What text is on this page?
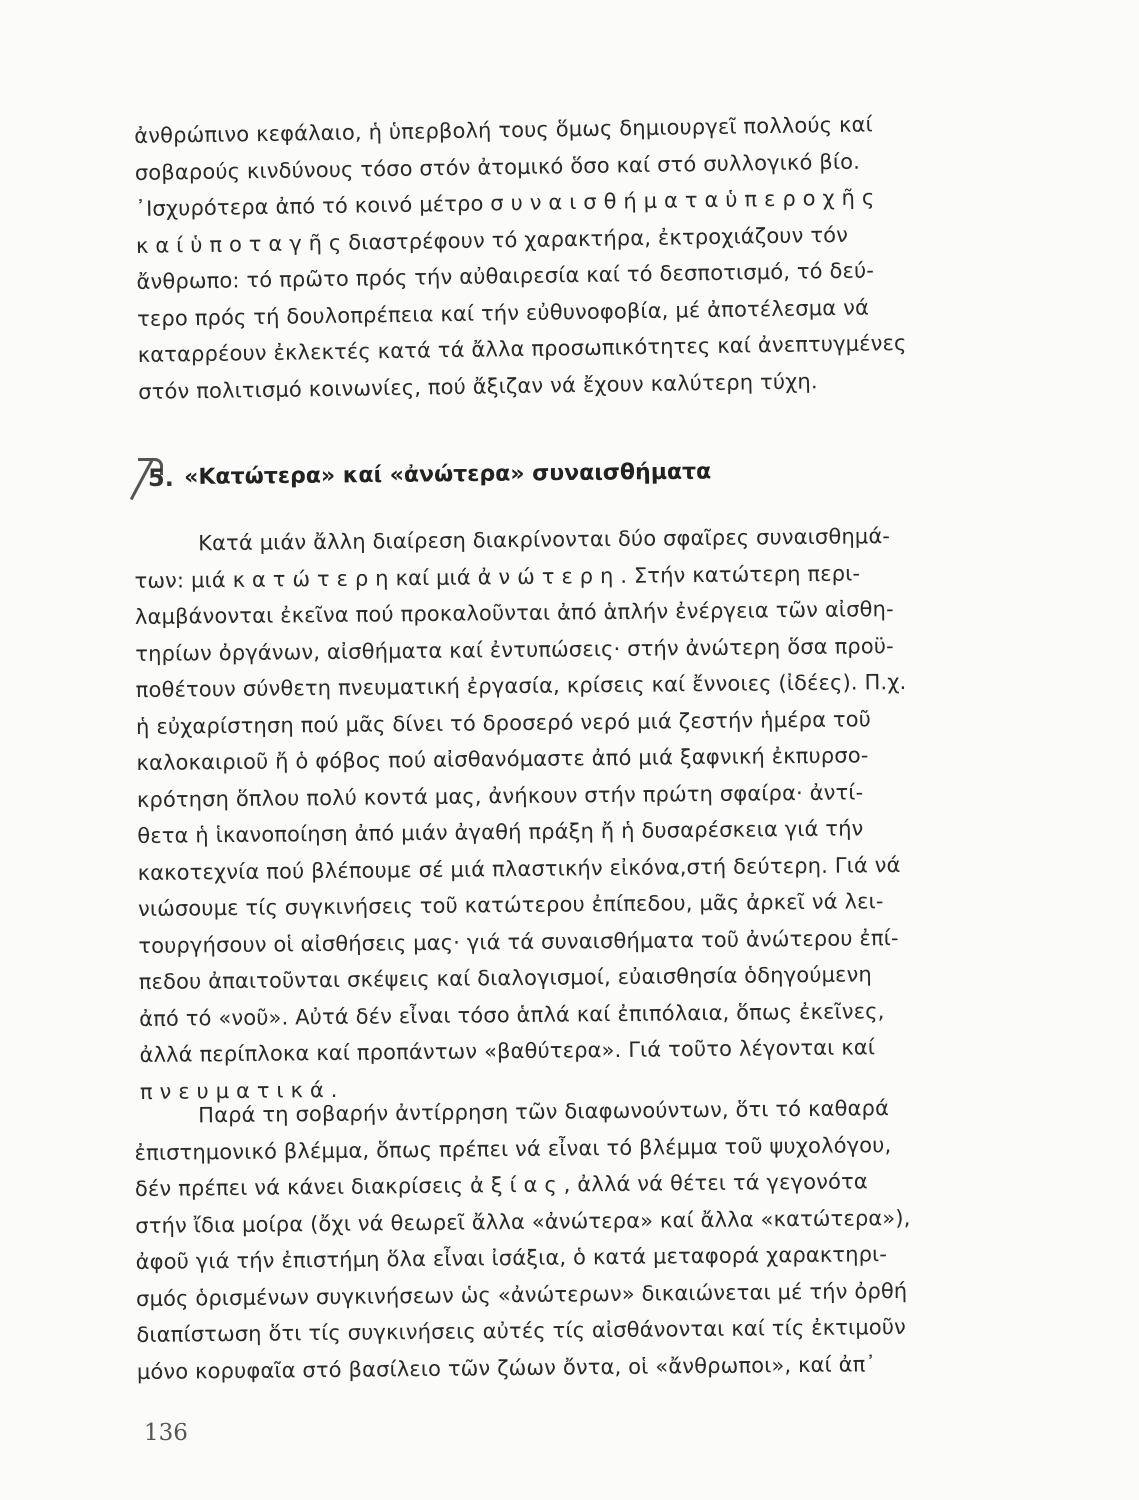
ἀνθρώπινο κεφάλαιο, ἡ ὑπερβολή τους ὅμως δημιουργεῖ πολλούς καί
σοβαρούς κινδύνους τόσο στόν ἀτομικό ὅσο καί στό συλλογικό βίο.
᾿Ισχυρότερα ἀπό τό κοινό μέτρο σ υ ν α ι σ θ ή μ α τ α ὑ π ε ρ ο χ ῆ ς
κ α ί ὑ π ο τ α γ ῆ ς διαστρέφουν τό χαρακτήρα, ἐκτροχιάζουν τόν
ἄνθρωπο: τό πρῶτο πρός τήν αὐθαιρεσία καί τό δεσποτισμό, τό δεύ-
τερο πρός τή δουλοπρέπεια καί τήν εὐθυνοφοβία, μέ ἀποτέλεσμα νά
καταρρέουν ἐκλεκτές κατά τά ἄλλα προσωπικότητες καί ἀνεπτυγμένες
στόν πολιτισμό κοινωνίες, πού ἄξιζαν νά ἔχουν καλύτερη τύχη.
5. «Κατώτερα» καί «ἀνώτερα» συναισθήματα
Κατά μιάν ἄλλη διαίρεση διακρίνονται δύο σφαῖρες συναισθημά-
των: μιά κ α τ ώ τ ε ρ η καί μιά ἀ ν ώ τ ε ρ η . Στήν κατώτερη περι-
λαμβάνονται ἐκεῖνα πού προκαλοῦνται ἀπό ἁπλήν ἐνέργεια τῶν αἰσθη-
τηρίων ὀργάνων, αἰσθήματα καί ἐντυπώσεις· στήν ἀνώτερη ὅσα προϋ-
ποθέτουν σύνθετη πνευματική ἐργασία, κρίσεις καί ἔννοιες (ἰδέες). Π.χ.
ἡ εὐχαρίστηση πού μᾶς δίνει τό δροσερό νερό μιά ζεστήν ἡμέρα τοῦ
καλοκαιριοῦ ἤ ὁ φόβος πού αἰσθανόμαστε ἀπό μιά ξαφνική ἐκπυρσο-
κρότηση ὅπλου πολύ κοντά μας, ἀνήκουν στήν πρώτη σφαίρα· ἀντί-
θετα ἡ ἱκανοποίηση ἀπό μιάν ἀγαθή πράξη ἤ ἡ δυσαρέσκεια γιά τήν
κακοτεχνία πού βλέπουμε σέ μιά πλαστικήν εἰκόνα,στή δεύτερη. Γιά νά
νιώσουμε τίς συγκινήσεις τοῦ κατώτερου ἐπίπεδου, μᾶς ἀρκεῖ νά λει-
τουργήσουν οἱ αἰσθήσεις μας· γιά τά συναισθήματα τοῦ ἀνώτερου ἐπί-
πεδου ἀπαιτοῦνται σκέψεις καί διαλογισμοί, εὐαισθησία ὁδηγούμενη
ἀπό τό «νοῦ». Αὐτά δέν εἶναι τόσο ἁπλά καί ἐπιπόλαια, ὅπως ἐκεῖνες,
ἀλλά περίπλοκα καί προπάντων «βαθύτερα». Γιά τοῦτο λέγονται καί
π ν ε υ μ α τ ι κ ά .
Παρά τη σοβαρήν ἀντίρρηση τῶν διαφωνούντων, ὅτι τό καθαρά
ἐπιστημονικό βλέμμα, ὅπως πρέπει νά εἶναι τό βλέμμα τοῦ ψυχολόγου,
δέν πρέπει νά κάνει διακρίσεις ἀ ξ ί α ς , ἀλλά νά θέτει τά γεγονότα
στήν ἴδια μοίρα (ὄχι νά θεωρεῖ ἄλλα «ἀνώτερα» καί ἄλλα «κατώτερα»),
ἀφοῦ γιά τήν ἐπιστήμη ὅλα εἶναι ἰσάξια, ὁ κατά μεταφορά χαρακτηρι-
σμός ὁρισμένων συγκινήσεων ὡς «ἀνώτερων» δικαιώνεται μέ τήν ὀρθή
διαπίστωση ὅτι τίς συγκινήσεις αὐτές τίς αἰσθάνονται καί τίς ἐκτιμοῦν
μόνο κορυφαῖα στό βασίλειο τῶν ζώων ὄντα, οἱ «ἄνθρωποι», καί ἀπ᾿
136
